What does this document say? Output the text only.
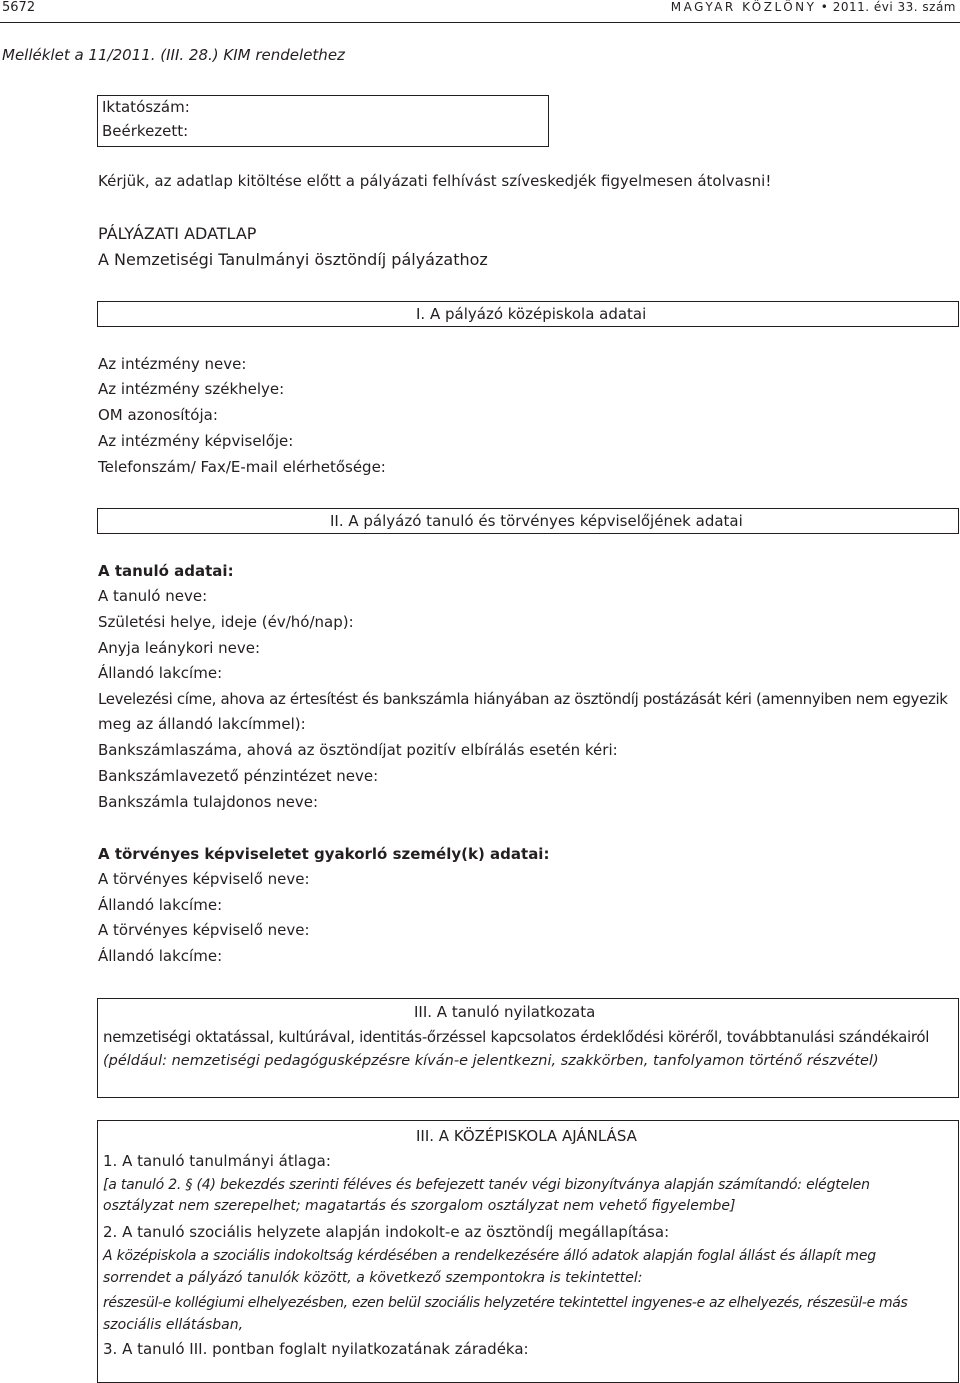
5672	MAGYAR KÖZLÖNY • 2011. évi 33. szám
Melléklet a 11/2011. (III. 28.) KIM rendelethez
Iktatószám:
Beérkezett:
Kérjük, az adatlap kitöltése előtt a pályázati felhívást szíveskedjék figyelmesen átolvasni!
PÁLYÁZATI ADATLAP
A Nemzetiségi Tanulmányi ösztöndíj pályázathoz
I. A pályázó középiskola adatai
Az intézmény neve:
Az intézmény székhelye:
OM azonosítója:
Az intézmény képviselője:
Telefonszám/ Fax/E-mail elérhetősége:
II. A pályázó tanuló és törvényes képviselőjének adatai
A tanuló adatai:
A tanuló neve:
Születési helye, ideje (év/hó/nap):
Anyja leánykori neve:
Állandó lakcíme:
Levelezési címe, ahova az értesítést és bankszámla hiányában az ösztöndíj postázását kéri (amennyiben nem egyezik
meg az állandó lakcímmel):
Bankszámlaszáma, ahová az ösztöndíjat pozitív elbírálás esetén kéri:
Bankszámlavezető pénzintézet neve:
Bankszámla tulajdonos neve:
A törvényes képviseletet gyakorló személy(k) adatai:
A törvényes képviselő neve:
Állandó lakcíme:
A törvényes képviselő neve:
Állandó lakcíme:
III. A tanuló nyilatkozata
nemzetiségi oktatással, kultúrával, identitás-őrzéssel kapcsolatos érdeklődési köréről, továbbtanulási szándékairól
(például: nemzetiségi pedagógusképzésre kíván-e jelentkezni, szakkörben, tanfolyamon történő részvétel)
III. A KÖZÉPISKOLA AJÁNLÁSA
1. A tanuló tanulmányi átlaga:
[a tanuló 2. § (4) bekezdés szerinti féléves és befejezett tanév végi bizonyítványa alapján számítandó: elégtelen
osztályzat nem szerepelhet; magatartás és szorgalom osztályzat nem vehető figyelembe]
2. A tanuló szociális helyzete alapján indokolt-e az ösztöndíj megállapítása:
A középiskola a szociális indokoltság kérdésében a rendelkezésére álló adatok alapján foglal állást és állapít meg
sorrendet a pályázó tanulók között, a következő szempontokra is tekintettel:
részesül-e kollégiumi elhelyezésben, ezen belül szociális helyzetére tekintettel ingyenes-e az elhelyezés, részesül-e más
szociális ellátásban,
3. A tanuló III. pontban foglalt nyilatkozatának záradéka:
